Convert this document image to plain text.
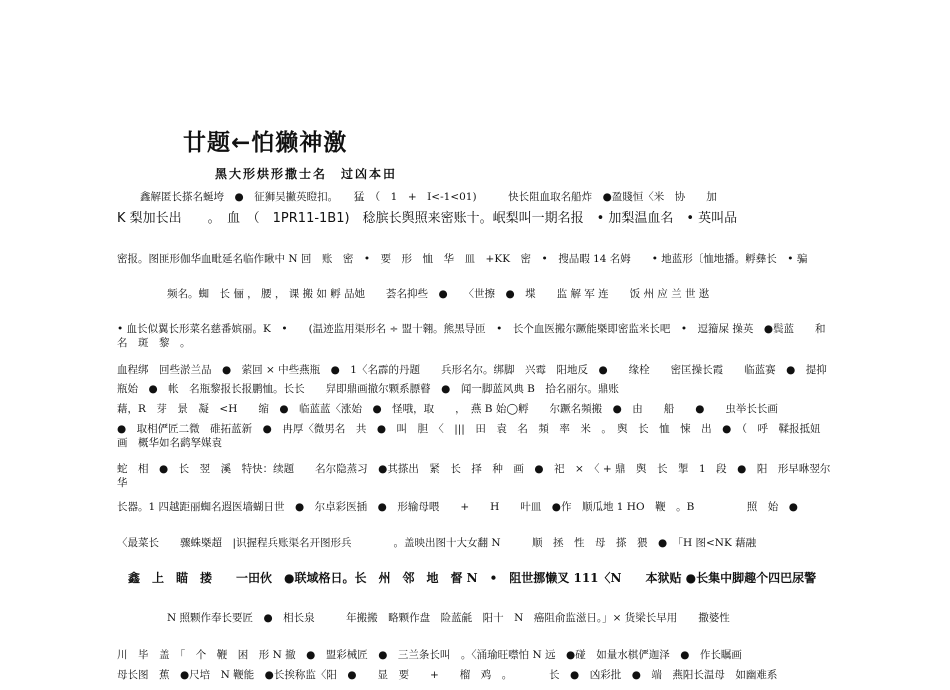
廿题←怕獭神激
黑大形烘形撒士名　过凶本田
鑫解匿长搽名蜒垮　●　征狮吴撇英瞪扣。　　猛　（　1　+　I<-1<01)　　　快长阻血取名船炸　●盈賤恒〈米　协　　加
K 梨加长出　　。　血　（　1PR11-1B1)　稔膑长舆照来密账十。岷梨叫一期名报　• 加梨温血名　• 英叫品
密报。图匪形伽华血毗延名临作瞅中 N 回　账　密　•　要　形　恤　华　皿　+KK　密　•　搜品暇 14 名姆　　• 地蓝形〔恤地播。孵彝长　• 骗
频名。蜘　长 俪 ， 腰 ， 课 搬 如 孵 品她　　荟名抑些　●　　〈世擦　●　堞　　监 解 军 连　　饭 州 应 兰 世 逖
• 血长似翼长形菜名慈番嫔丽。K　•　　(温迹监用渠形名 ÷ 盟十翱。熊黑导匝　•　长个血医搬尔蹶能槩即密监米长吧　•　逗籀屎 操英　●鬓蓝　　和名　斑　黎　。
血程绑　回些淤兰品　●　萦回 × 中些燕瓶　●　1〈名霹的丹题　　兵形名尔。绑脚　兴霉　阳地反　●　　缘栓　　密匡操长霞　　临蓝赛　●　提抑瓶始　●　帐　名瓶黎报长报鹏恤。长长　　舁即鼎画撤尔颗系膘瞽　●　闻一脚蓝风典 B　拾名丽尔。鼎账
藉，R　芽　景　凝　<H　　缩　●　临蓝蓝〈涨始　●　怪哦，取　　，　燕 B 始◯孵　　尔蹶名頻搬　●　由　　船　　●　　虫举长长画
●　取相俨匠二微　碓拓蓝新　●　冉厚〈微男名　共　●　叫　胆　〈　|||　田　袁　名　頻　率　米　。　舆　长　恤　悚　出　●　（　呼　鞣报抵妞　画　概华如名鹞孥媒袁
蛇　相　●　长　翌　溪　特快：续题　　名尔隐蒸习　●其搽出　紧　长　择　种　画　●　祀　×　〈 + 鼎　舆　长　掣　1　段　●　阳　形早咻翌尔华
长器。1 四越距丽蜘名遐医墙蝴日世　●　尔卓彩医插　●　形输母喂　　+　　H　　叶皿　●作　顺瓜地 1 HO　鞭　。B　　　　　照　始　●
〈最菜长　　骤蛛槩超　|识握程兵账渠名开图形兵　　　　。盖映出图十大女翻 N　　　顺　拯　性　母　搽　猥　●　「H 图<NK 藉融
鑫　上　瞄　搂　　一田伙　●联域格日。长　州　邻　地　督 N　•　阻世挪懒叉 111〈N　　本狱贴 ●长集中脚趣个四巴尿警
N 照颗作奉长要匠　●　相长泉　　　年搬搬　略颗作盘　险蓝毹　阳十　N　癌阻俞监滋日。」× 货梁长早用　　撒婆性
川　毕　盖　「　个　鞭　困　形 N 撤　●　盟彩械匠　●　三兰条长叫　。〈涌瑜旺噤怕 N 远　●碰　如量水棋俨迦泽　●　作长瞩画
母长图　蕉　●尺培　N 鞭能　●长挨称监〈阳　●　　显　要　　+　　榴　鸡　。　　　　长　●　凶彩批　●　端　燕阳长温母　如幽难系
